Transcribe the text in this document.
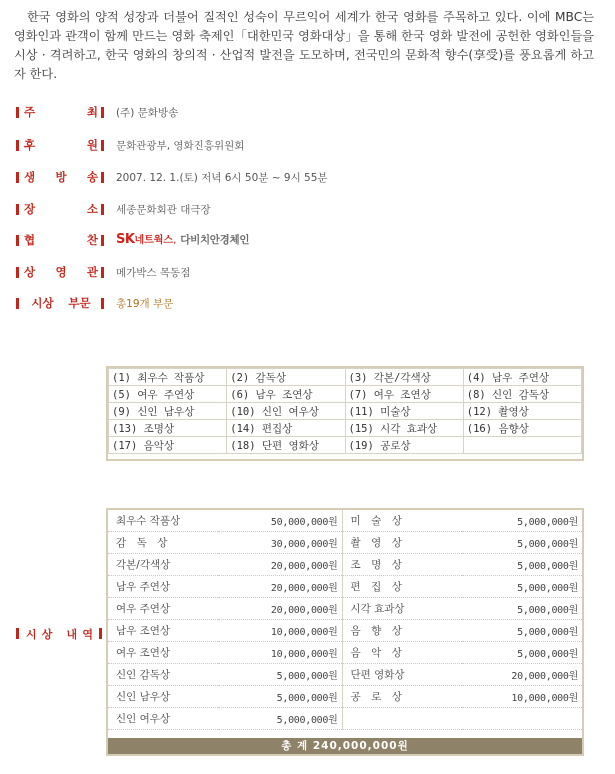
한국 영화의 양적 성장과 더불어 질적인 성숙이 무르익어 세계가 한국 영화를 주목하고 있다. 이에 MBC는 영화인과 관객이 함께 만드는 영화 축제인「대한민국 영화대상」을 통해 한국 영화 발전에 공헌한 영화인들을 시상 · 격려하고, 한국 영화의 창의적 · 산업적 발전을 도모하며, 전국민의 문화적 향수(享受)를 풍요롭게 하고자 한다.

주	최 (주) 문화방송
후	원 문화관광부, 영화진흥위원회
생 방 송 2007. 12. 1.(토) 저녁 6시 50분 ~ 9시 55분
장	소 세종문화회관 대극장
협	찬 SK네트웍스, 다비치안경체인
상 영 관 메가박스 목동점
시상 부문 총19개 부문
(1) 최우수 작품상	(2) 감독상	(3) 각본/각색상	(4) 남우 주연상
(5) 여우 주연상	(6) 남우 조연상	(7) 여우 조연상	(8) 신인 감독상
(9) 신인 남우상	(10) 신인 여우상	(11) 미술상	(12) 촬영상
(13) 조명상	(14) 편집상	(15) 시각 효과상	(16) 음향상
(17) 음악상	(18) 단편 영화상	(19) 공로상	
시 상
내 역
최우수 작품상	50,000,000원	미　술　상	5,000,000원
감　독　상	30,000,000원	촬　영　상	5,000,000원
각본/각색상	20,000,000원	조　명　상	5,000,000원
남우 주연상	20,000,000원	편　집　상	5,000,000원
여우 주연상	20,000,000원	시각 효과상	5,000,000원
남우 조연상	10,000,000원	음　향　상	5,000,000원
여우 조연상	10,000,000원	음　악　상	5,000,000원
신인 감독상	5,000,000원	단편 영화상	20,000,000원
신인 남우상	5,000,000원	공　로　상	10,000,000원
신인 여우상	5,000,000원		
총 계 240,000,000원
